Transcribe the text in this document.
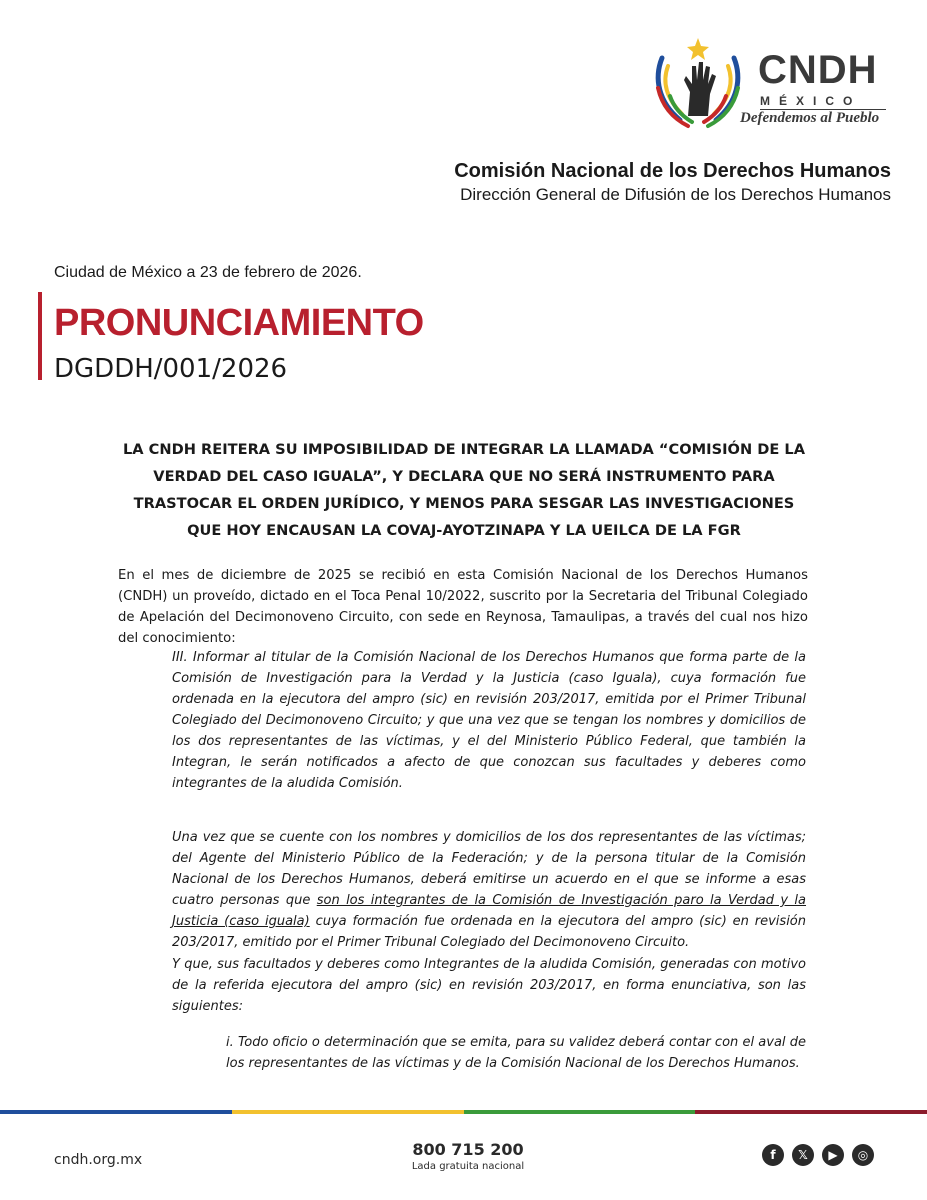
CNDH
MÉXICO
Defendemos al Pueblo
Comisión Nacional de los Derechos Humanos
Dirección General de Difusión de los Derechos Humanos
Ciudad de México a 23 de febrero de 2026.
PRONUNCIAMIENTO
DGDDH/001/2026
LA CNDH REITERA SU IMPOSIBILIDAD DE INTEGRAR LA LLAMADA “COMISIÓN DE LA VERDAD DEL CASO IGUALA”, Y DECLARA QUE NO SERÁ INSTRUMENTO PARA TRASTOCAR EL ORDEN JURÍDICO, Y MENOS PARA SESGAR LAS INVESTIGACIONES QUE HOY ENCAUSAN LA COVAJ-AYOTZINAPA Y LA UEILCA DE LA FGR
En el mes de diciembre de 2025 se recibió en esta Comisión Nacional de los Derechos Humanos (CNDH) un proveído, dictado en el Toca Penal 10/2022, suscrito por la Secretaria del Tribunal Colegiado de Apelación del Decimonoveno Circuito, con sede en Reynosa, Tamaulipas, a través del cual nos hizo del conocimiento:
III. Informar al titular de la Comisión Nacional de los Derechos Humanos que forma parte de la Comisión de Investigación para la Verdad y la Justicia (caso Iguala), cuya formación fue ordenada en la ejecutora del ampro (sic) en revisión 203/2017, emitida por el Primer Tribunal Colegiado del Decimonoveno Circuito; y que una vez que se tengan los nombres y domicilios de los dos representantes de las víctimas, y el del Ministerio Público Federal, que también la Integran, le serán notificados a afecto de que conozcan sus facultades y deberes como integrantes de la aludida Comisión.
Una vez que se cuente con los nombres y domicilios de los dos representantes de las víctimas; del Agente del Ministerio Público de la Federación; y de la persona titular de la Comisión Nacional de los Derechos Humanos, deberá emitirse un acuerdo en el que se informe a esas cuatro personas que son los integrantes de la Comisión de Investigación paro la Verdad y la Justicia (caso iguala) cuya formación fue ordenada en la ejecutora del ampro (sic) en revisión 203/2017, emitido por el Primer Tribunal Colegiado del Decimonoveno Circuito.
Y que, sus facultados y deberes como Integrantes de la aludida Comisión, generadas con motivo de la referida ejecutora del ampro (sic) en revisión 203/2017, en forma enunciativa, son las siguientes:
i. Todo oficio o determinación que se emita, para su validez deberá contar con el aval de los representantes de las víctimas y de la Comisión Nacional de los Derechos Humanos.
cndh.org.mx
800 715 200
Lada gratuita nacional
f	𝕏	▶	◎
